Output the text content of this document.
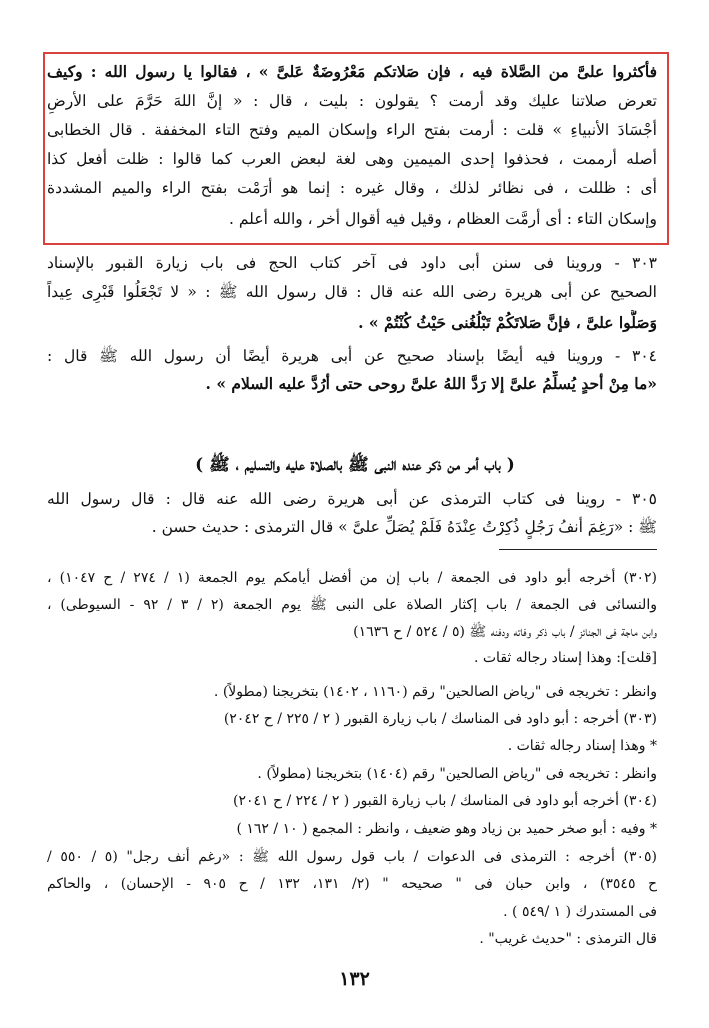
فأكثروا علىَّ من الصَّلاة فيه ، فإن صَلاتكم مَعْرُوضَةٌ عَلىَّ » ، فقالوا يا رسول الله : وكيف
تعرض صلاتنا عليك وقد أرمت ؟ يقولون : بليت ، قال : « إنَّ اللهَ حَرَّمَ على الأرضِ
أجْسَادَ الأنبياءِ » قلت : أرمت بفتح الراء وإسكان الميم وفتح التاء المخففة . قال الخطابى
أصله أرممت ، فحذفوا إحدى الميمين وهى لغة لبعض العرب كما قالوا : ظلت أفعل كذا
أى : ظللت ، فى نظائر لذلك ، وقال غيره : إنما هو أرَمْت بفتح الراء والميم المشددة
وإسكان التاء : أى أرمَّت العظام ، وقيل فيه أقوال أخر ، والله أعلم .
٣٠٣ - وروينا فى سنن أبى داود فى آخر كتاب الحج فى باب زيارة القبور بالإسناد
الصحيح عن أبى هريرة رضى الله عنه قال : قال رسول الله ﷺ : « لا تَجْعَلُوا قَبْرِى عِيداً
وَصَلُّوا علىَّ ، فإنَّ صَلاتَكُمْ تَبْلُغُنى حَيْثُ كُنْتُمْ » .
٣٠٤ - وروينا فيه أيضًا بإسناد صحيح عن أبى هريرة أيضًا أن رسول الله ﷺ قال :
«ما مِنْ أحدٍ يُسلِّمُ علىَّ إلا رَدَّ اللهُ علىَّ روحى حتى أرُدَّ عليه السلام » .
( باب أمر من ذكر عنده النبى ﷺ بالصلاة عليه والتسليم ، ﷺ )
٣٠٥ - روينا فى كتاب الترمذى عن أبى هريرة رضى الله عنه قال : قال رسول الله
ﷺ : «رَغِمَ أنفُ رَجُلٍ ذُكِرْتُ عِنْدَهُ فَلَمْ يُصَلِّ علىَّ » قال الترمذى : حديث حسن .
(٣٠٢) أخرجه أبو داود فى الجمعة / باب إن من أفضل أيامكم يوم الجمعة (١ / ٢٧٤ / ح ١٠٤٧) ،
والنسائى فى الجمعة / باب إكثار الصلاة على النبى ﷺ يوم الجمعة (٢ / ٣ / ٩٢ - السيوطى) ،
وابن ماجة فى الجنائز / باب ذكر وفاته ودفنه ﷺ (٥ / ٥٢٤ / ح ١٦٣٦)
[قلت]: وهذا إسناد رجاله ثقات .
وانظر : تخريجه فى "رياض الصالحين" رقم (١١٦٠ ، ١٤٠٢) بتخريجنا (مطولاً) .
(٣٠٣) أخرجه : أبو داود فى المناسك / باب زيارة القبور ( ٢ / ٢٢٥ / ح ٢٠٤٢)
* وهذا إسناد رجاله ثقات .
وانظر : تخريجه فى "رياض الصالحين" رقم (١٤٠٤) بتخريجنا (مطولاً) .
(٣٠٤) أخرجه أبو داود فى المناسك / باب زيارة القبور ( ٢ / ٢٢٤ / ح ٢٠٤١)
* وفيه : أبو صخر حميد بن زياد وهو ضعيف ، وانظر : المجمع ( ١٠ / ١٦٢ )
(٣٠٥) أخرجه : الترمذى فى الدعوات / باب قول رسول الله ﷺ : «رغم أنف رجل" (٥ / ٥٥٠ /
ح ٣٥٤٥) ، وابن حبان فى " صحيحه " (٢/ ١٣١، ١٣٢ / ح ٩٠٥ - الإحسان) ، والحاكم
فى المستدرك ( ١ /٥٤٩ ) .
قال الترمذى : "حديث غريب" .
١٣٢
